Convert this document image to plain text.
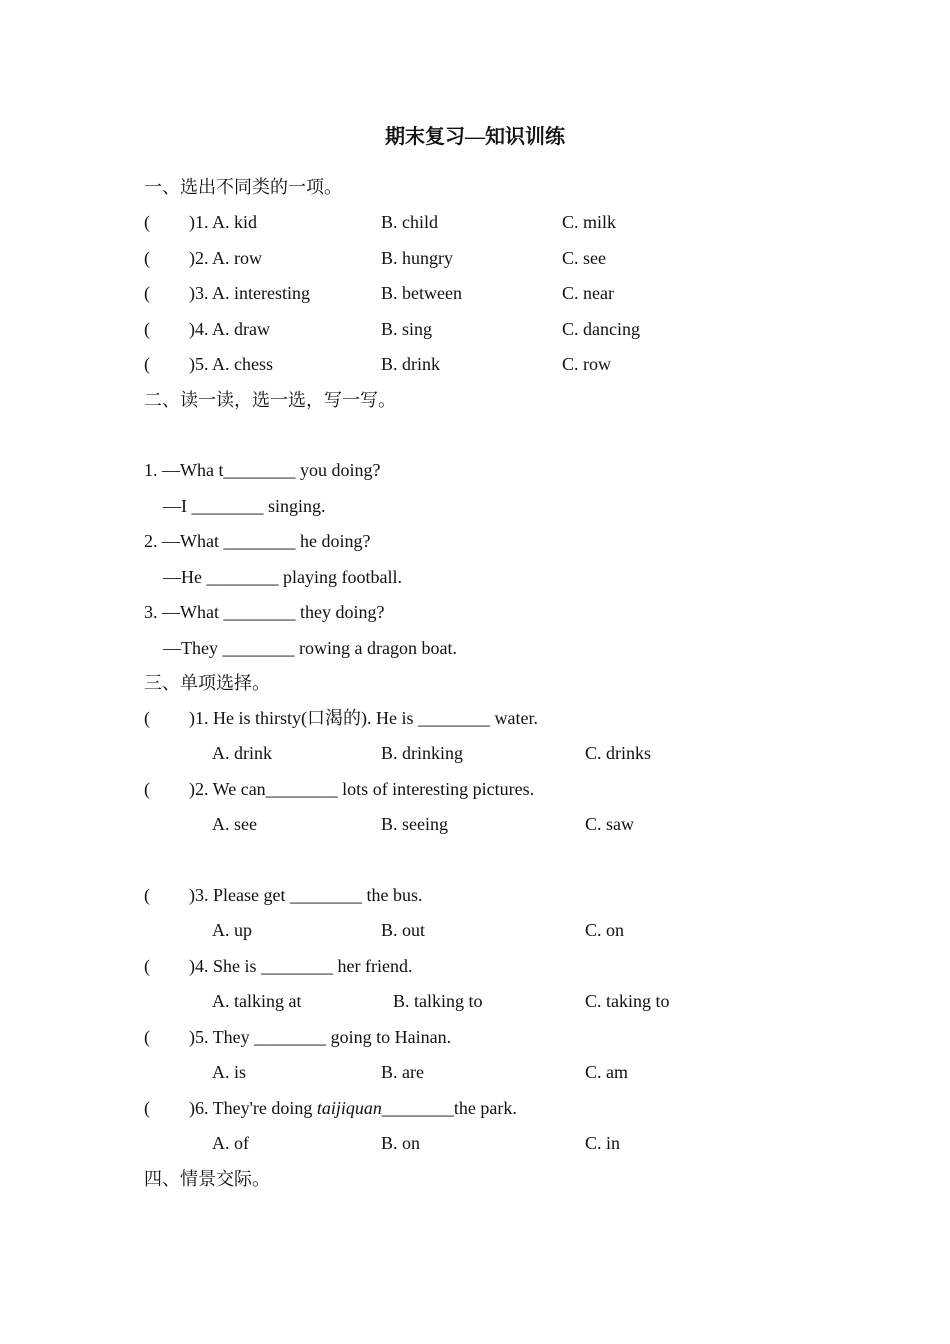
期末复习—知识训练
一、选出不同类的一项。
( )1. A. kid	B. child	C. milk
( )2. A. row	B. hungry	C. see
( )3. A. interesting	B. between	C. near
( )4. A. draw	B. sing	C. dancing
( )5. A. chess	B. drink	C. row
二、读一读，选一选，写一写。
1. —Wha t________ you doing?
—I ________ singing.
2. —What ________ he doing?
—He ________ playing football.
3. —What ________ they doing?
—They ________ rowing a dragon boat.
三、单项选择。
( )1. He is thirsty(口渴的). He is ________ water.
A. drink	B. drinking	C. drinks
( )2. We can________ lots of interesting pictures.
A. see	B. seeing	C. saw
( )3. Please get ________ the bus.
A. up	B. out	C. on
( )4. She is ________ her friend.
A. talking at	B. talking to	C. taking to
( )5. They ________ going to Hainan.
A. is	B. are	C. am
( )6. They're doing taijiquan________the park.
A. of	B. on	C. in
四、情景交际。
